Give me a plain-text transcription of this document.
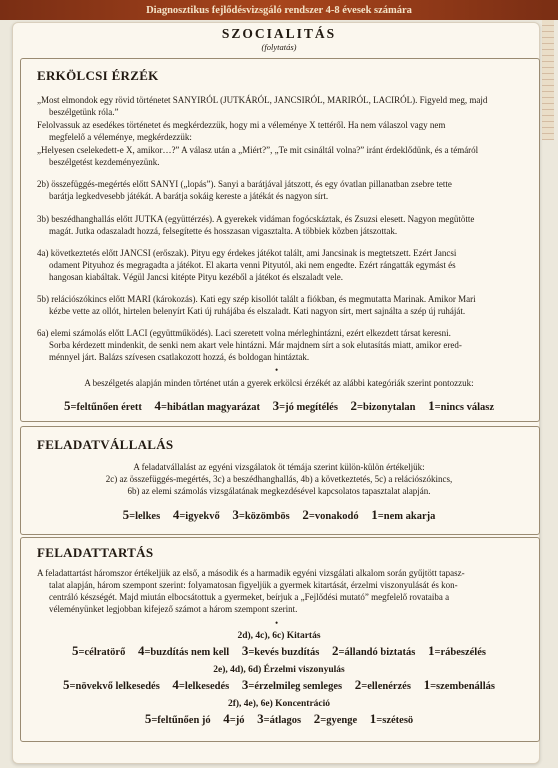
Diagnosztikus fejlődésvizsgáló rendszer 4-8 évesek számára
SZOCIALITÁS
(folytatás)
ERKÖLCSI ÉRZÉK
„Most elmondok egy rövid történetet SANYIRÓL (JUTKÁRÓL, JANCSIRÓL, MARIRÓL, LACIRÓL). Figyeld meg, majd
beszélgetünk róla.”
Felolvassuk az esedékes történetet és megkérdezzük, hogy mi a véleménye X tettéről. Ha nem válaszol vagy nem
megfelelő a véleménye, megkérdezzük:
„Helyesen cselekedett-e X, amikor…?” A válasz után a „Miért?”, „Te mit csináltál volna?” iránt érdeklődünk, és a témáról
beszélgetést kezdeményezünk.
2b) összefüggés-megértés előtt SANYI („lopás”). Sanyi a barátjával játszott, és egy óvatlan pillanatban zsebre tette
barátja legkedvesebb játékát. A barátja sokáig kereste a játékát és nagyon sírt.
3b) beszédhanghallás előtt JUTKA (együttérzés). A gyerekek vidáman fogócskáztak, és Zsuzsi elesett. Nagyon megütötte
magát. Jutka odaszaladt hozzá, felsegítette és hosszasan vigasztalta. A többiek közben játszottak.
4a) következtetés előtt JANCSI (erőszak). Pityu egy érdekes játékot talált, ami Jancsinak is megtetszett. Ezért Jancsi
odament Pityuhoz és megragadta a játékot. El akarta venni Pityutól, aki nem engedte. Ezért rángatták egymást és
hangosan kiabáltak. Végül Jancsi kitépte Pityu kezéből a játékot és elszaladt vele.
5b) relációszókincs előtt MARI (károkozás). Kati egy szép kisollót talált a fiókban, és megmutatta Marinak. Amikor Mari
kézbe vette az ollót, hirtelen belenyírt Kati új ruhájába és elszaladt. Kati nagyon sírt, mert sajnálta a szép új ruháját.
6a) elemi számolás előtt LACI (együttműködés). Laci szeretett volna mérleghintázni, ezért elkezdett társat keresni.
Sorba kérdezett mindenkit, de senki nem akart vele hintázni. Már majdnem sírt a sok elutasítás miatt, amikor ered-
ménnyel járt. Balázs szívesen csatlakozott hozzá, és boldogan hintáztak.
•
A beszélgetés alapján minden történet után a gyerek erkölcsi érzékét az alábbi kategóriák szerint pontozzuk:
5=feltűnően érett 4=hibátlan magyarázat 3=jó megítélés 2=bizonytalan 1=nincs válasz
FELADATVÁLLALÁS
A feladatvállalást az egyéni vizsgálatok öt témája szerint külön-külön értékeljük:
2c) az összefüggés-megértés, 3c) a beszédhanghallás, 4b) a következtetés, 5c) a relációszókincs,
6b) az elemi számolás vizsgálatának megkezdésével kapcsolatos tapasztalat alapján.
5=lelkes 4=igyekvő 3=közömbös 2=vonakodó 1=nem akarja
FELADATTARTÁS
A feladattartást háromszor értékeljük az első, a második és a harmadik egyéni vizsgálati alkalom során gyűjtött tapasz-
talat alapján, három szempont szerint: folyamatosan figyeljük a gyermek kitartását, érzelmi viszonyulását és kon-
centráló készségét. Majd miután elbocsátottuk a gyermeket, beírjuk a „Fejlődési mutató” megfelelő rovataiba a
véleményünket legjobban kifejező számot a három szempont szerint.
•
2d), 4c), 6c) Kitartás
5=célratörő 4=buzdítás nem kell 3=kevés buzdítás 2=állandó biztatás 1=rábeszélés
2e), 4d), 6d) Érzelmi viszonyulás
5=növekvő lelkesedés 4=lelkesedés 3=érzelmileg semleges 2=ellenérzés 1=szembenállás
2f), 4e), 6e) Koncentráció
5=feltűnően jó 4=jó 3=átlagos 2=gyenge 1=szétesö
